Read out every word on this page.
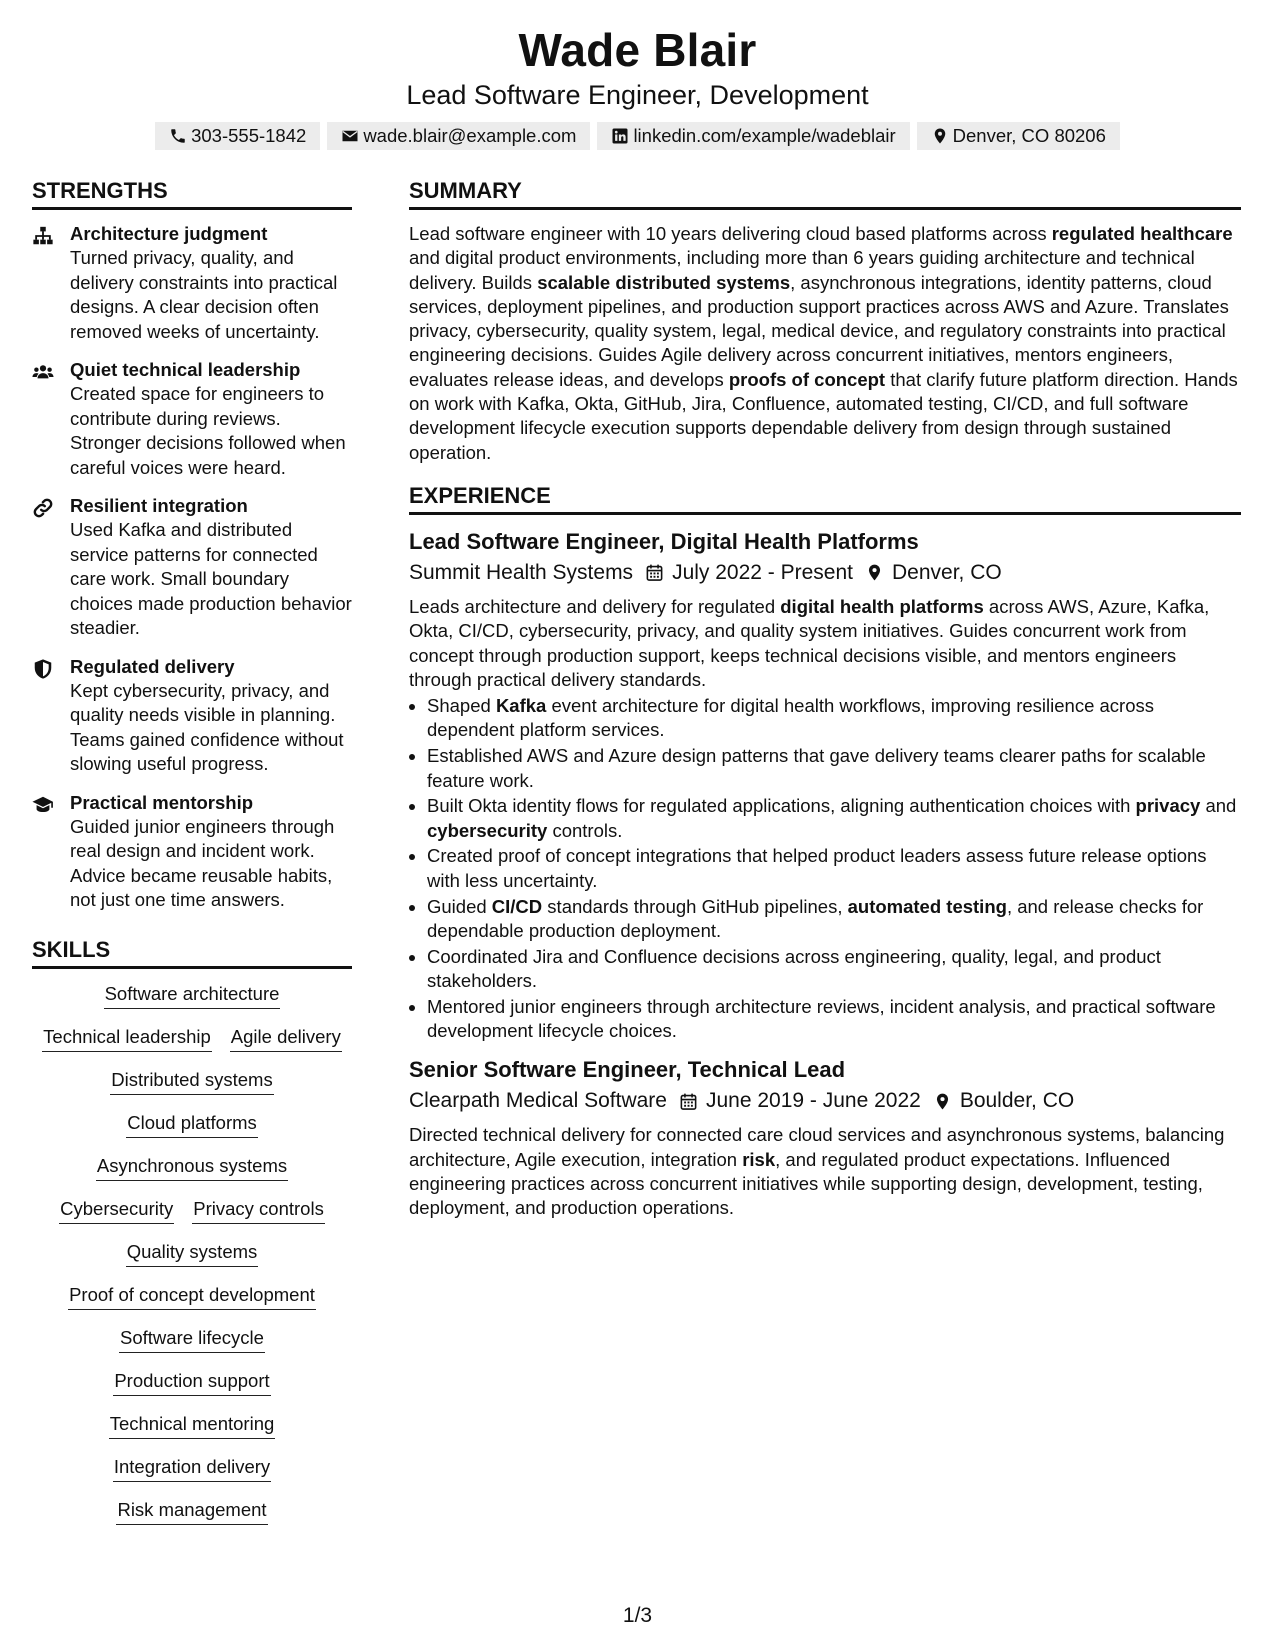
Wade Blair
Lead Software Engineer, Development
303-555-1842	wade.blair@example.com	linkedin.com/example/wadeblair	Denver, CO 80206
STRENGTHS
Architecture judgment
Turned privacy, quality, and delivery constraints into practical designs. A clear decision often removed weeks of uncertainty.
Quiet technical leadership
Created space for engineers to contribute during reviews. Stronger decisions followed when careful voices were heard.
Resilient integration
Used Kafka and distributed service patterns for connected care work. Small boundary choices made production behavior steadier.
Regulated delivery
Kept cybersecurity, privacy, and quality needs visible in planning. Teams gained confidence without slowing useful progress.
Practical mentorship
Guided junior engineers through real design and incident work. Advice became reusable habits, not just one time answers.
SKILLS
Software architecture
Technical leadership Agile delivery
Distributed systems
Cloud platforms
Asynchronous systems
Cybersecurity Privacy controls
Quality systems
Proof of concept development
Software lifecycle
Production support
Technical mentoring
Integration delivery
Risk management
SUMMARY
Lead software engineer with 10 years delivering cloud based platforms across regulated healthcare and digital product environments, including more than 6 years guiding architecture and technical delivery. Builds scalable distributed systems, asynchronous integrations, identity patterns, cloud services, deployment pipelines, and production support practices across AWS and Azure. Translates privacy, cybersecurity, quality system, legal, medical device, and regulatory constraints into practical engineering decisions. Guides Agile delivery across concurrent initiatives, mentors engineers, evaluates release ideas, and develops proofs of concept that clarify future platform direction. Hands on work with Kafka, Okta, GitHub, Jira, Confluence, automated testing, CI/CD, and full software development lifecycle execution supports dependable delivery from design through sustained operation.
EXPERIENCE
Lead Software Engineer, Digital Health Platforms
Summit Health Systems July 2022 - Present Denver, CO
Leads architecture and delivery for regulated digital health platforms across AWS, Azure, Kafka, Okta, CI/CD, cybersecurity, privacy, and quality system initiatives. Guides concurrent work from concept through production support, keeps technical decisions visible, and mentors engineers through practical delivery standards.
• Shaped Kafka event architecture for digital health workflows, improving resilience across dependent platform services.
• Established AWS and Azure design patterns that gave delivery teams clearer paths for scalable feature work.
• Built Okta identity flows for regulated applications, aligning authentication choices with privacy and cybersecurity controls.
• Created proof of concept integrations that helped product leaders assess future release options with less uncertainty.
• Guided CI/CD standards through GitHub pipelines, automated testing, and release checks for dependable production deployment.
• Coordinated Jira and Confluence decisions across engineering, quality, legal, and product stakeholders.
• Mentored junior engineers through architecture reviews, incident analysis, and practical software development lifecycle choices.
Senior Software Engineer, Technical Lead
Clearpath Medical Software June 2019 - June 2022 Boulder, CO
Directed technical delivery for connected care cloud services and asynchronous systems, balancing architecture, Agile execution, integration risk, and regulated product expectations. Influenced engineering practices across concurrent initiatives while supporting design, development, testing, deployment, and production operations.
1/3
